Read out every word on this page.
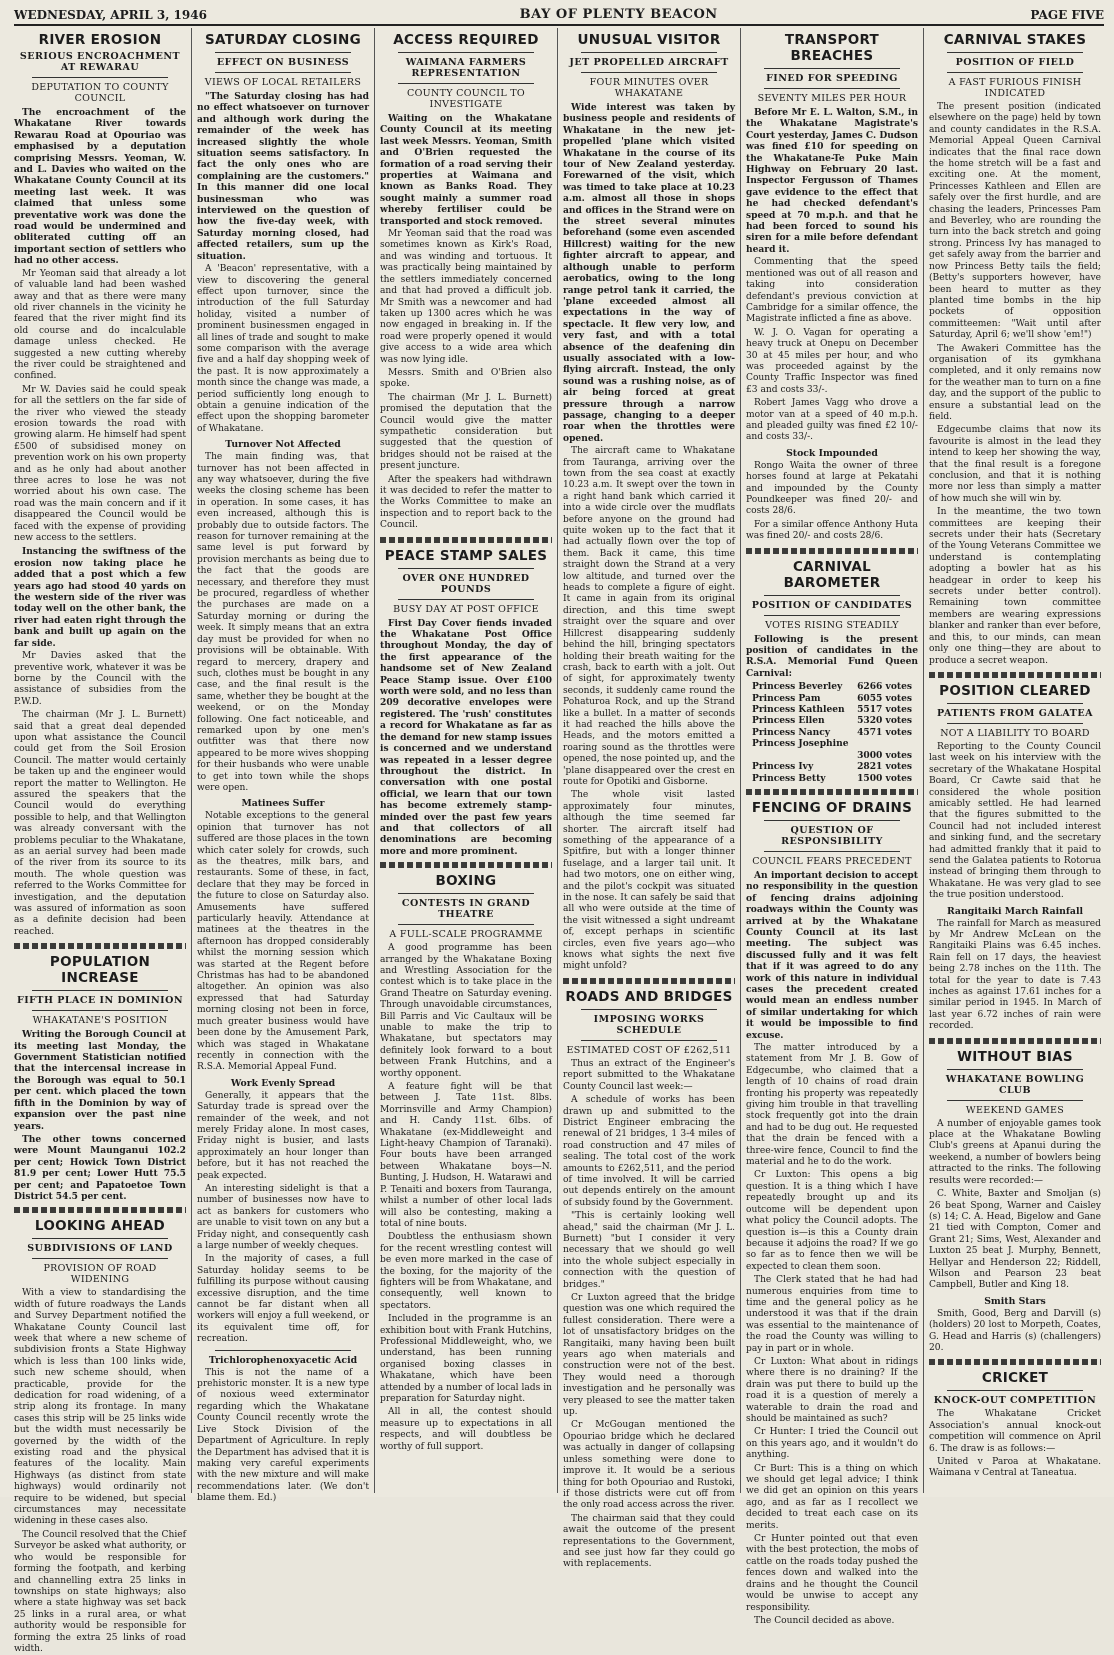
WEDNESDAY, APRIL 3, 1946	BAY OF PLENTY BEACON	PAGE FIVE
RIVER EROSION
SERIOUS ENCROACHMENT AT REWARAU
DEPUTATION TO COUNTY COUNCIL

The encroachment of the Whakatane River towards Rewarau Road at Opouriao was emphasised by a deputation comprising Messrs. Yeoman, W. and L. Davies who waited on the Whakatane County Council at its meeting last week. It was claimed that unless some preventative work was done the road would be undermined and obliterated cutting off an important section of settlers who had no other access.

Mr Yeoman said that already a lot of valuable land had been washed away and that as there were many old river channels in the vicinity he feared that the river might find its old course and do incalculable damage unless checked. He suggested a new cutting whereby the river could be straightened and confined.

Mr W. Davies said he could speak for all the settlers on the far side of the river who viewed the steady erosion towards the road with growing alarm. He himself had spent £500 of subsidised money on prevention work on his own property and as he only had about another three acres to lose he was not worried about his own case. The road was the main concern and if it disappeared the Council would be faced with the expense of providing new access to the settlers.

Instancing the swiftness of the erosion now taking place he added that a post which a few years ago had stood 40 yards on the western side of the river was today well on the other bank, the river had eaten right through the bank and built up again on the far side.

Mr Davies asked that the preventive work, whatever it was be borne by the Council with the assistance of subsidies from the P.W.D.

The chairman (Mr J. L. Burnett) said that a great deal depended upon what assistance the Council could get from the Soil Erosion Council. The matter would certainly be taken up and the engineer would report the matter to Wellington. He assured the speakers that the Council would do everything possible to help, and that Wellington was already conversant with the problems peculiar to the Whakatane, as an aerial survey had been made of the river from its source to its mouth. The whole question was referred to the Works Committee for investigation, and the deputation was assured of information as soon as a definite decision had been reached.

POPULATION INCREASE
FIFTH PLACE IN DOMINION
WHAKATANE'S POSITION

Writing the Borough Council at its meeting last Monday, the Government Statistician notified that the intercensal increase in the Borough was equal to 50.1 per cent. which placed the town fifth in the Dominion by way of expansion over the past nine years.

The other towns concerned were Mount Maunganui 102.2 per cent; Howick Town District 81.9 per cent; Lower Hutt 75.5 per cent; and Papatoetoe Town District 54.5 per cent.

LOOKING AHEAD
SUBDIVISIONS OF LAND
PROVISION OF ROAD WIDENING

With a view to standardising the width of future roadways the Lands and Survey Department notified the Whakatane County Council last week that where a new scheme of subdivision fronts a State Highway which is less than 100 links wide, such new scheme should, when practicable, provide for the dedication for road widening, of a strip along its frontage. In many cases this strip will be 25 links wide but the width must necessarily be governed by the width of the existing road and the physical features of the locality. Main Highways (as distinct from state highways) would ordinarily not require to be widened, but special circumstances may necessitate widening in these cases also.

The Council resolved that the Chief Surveyor be asked what authority, or who would be responsible for forming the footpath, and kerbing and channelling extra 25 links in townships on state highways; also where a state highway was set back 25 links in a rural area, or what authority would be responsible for forming the extra 25 links of road width.

SATURDAY CLOSING
EFFECT ON BUSINESS
VIEWS OF LOCAL RETAILERS

"The Saturday closing has had no effect whatsoever on turnover and although work during the remainder of the week has increased slightly the whole situation seems satisfactory. In fact the only ones who are complaining are the customers." In this manner did one local businessman who was interviewed on the question of how the five-day week, with Saturday morning closed, had affected retailers, sum up the situation.

A 'Beacon' representative, with a view to discovering the general effect upon turnover, since the introduction of the full Saturday holiday, visited a number of prominent businessmen engaged in all lines of trade and sought to make some comparison with the average five and a half day shopping week of the past. It is now approximately a month since the change was made, a period sufficiently long enough to obtain a genuine indication of the effect upon the shopping barometer of Whakatane.

Turnover Not Affected

The main finding was, that turnover has not been affected in any way whatsoever, during the five weeks the closing scheme has been in operation. In some cases, it has even increased, although this is probably due to outside factors. The reason for turnover remaining at the same level is put forward by provision merchants as being due to the fact that the goods are necessary, and therefore they must be procured, regardless of whether the purchases are made on a Saturday morning or during the week. It simply means that an extra day must be provided for when no provisions will be obtainable. With regard to mercery, drapery and such, clothes must be bought in any case, and the final result is the same, whether they be bought at the weekend, or on the Monday following. One fact noticeable, and remarked upon by one men's outfitter was that there now appeared to be more wives shopping for their husbands who were unable to get into town while the shops were open.

Matinees Suffer

Notable exceptions to the general opinion that turnover has not suffered are those places in the town which cater solely for crowds, such as the theatres, milk bars, and restaurants. Some of these, in fact, declare that they may be forced in the future to close on Saturday also. Amusements have suffered particularly heavily. Attendance at matinees at the theatres in the afternoon has dropped considerably whilst the morning session which was started at the Regent before Christmas has had to be abandoned altogether. An opinion was also expressed that had Saturday morning closing not been in force, much greater business would have been done by the Amusement Park, which was staged in Whakatane recently in connection with the R.S.A. Memorial Appeal Fund.

Work Evenly Spread

Generally, it appears that the Saturday trade is spread over the remainder of the week, and not merely Friday alone. In most cases, Friday night is busier, and lasts approximately an hour longer than before, but it has not reached the peak expected.

An interesting sidelight is that a number of businesses now have to act as bankers for customers who are unable to visit town on any but a Friday night, and consequently cash a large number of weekly cheques.

In the majority of cases, a full Saturday holiday seems to be fulfilling its purpose without causing excessive disruption, and the time cannot be far distant when all workers will enjoy a full weekend, or its equivalent time off, for recreation.

Trichlorophenoxyacetic Acid

This is not the name of a prehistoric monster. It is a new type of noxious weed exterminator regarding which the Whakatane County Council recently wrote the Live Stock Division of the Department of Agriculture. In reply the Department has advised that it is making very careful experiments with the new mixture and will make recommendations later. (We don't blame them. Ed.)

ACCESS REQUIRED
WAIMANA FARMERS REPRESENTATION
COUNTY COUNCIL TO INVESTIGATE

Waiting on the Whakatane County Council at its meeting last week Messrs. Yeoman, Smith and O'Brien requested the formation of a road serving their properties at Waimana and known as Banks Road. They sought mainly a summer road whereby fertiliser could be transported and stock removed.

Mr Yeoman said that the road was sometimes known as Kirk's Road, and was winding and tortuous. It was practically being maintained by the settlers immediately concerned and that had proved a difficult job. Mr Smith was a newcomer and had taken up 1300 acres which he was now engaged in breaking in. If the road were properly opened it would give access to a wide area which was now lying idle.

Messrs. Smith and O'Brien also spoke.

The chairman (Mr J. L. Burnett) promised the deputation that the Council would give the matter sympathetic consideration but suggested that the question of bridges should not be raised at the present juncture.

After the speakers had withdrawn it was decided to refer the matter to the Works Committee to make an inspection and to report back to the Council.

PEACE STAMP SALES
OVER ONE HUNDRED POUNDS
BUSY DAY AT POST OFFICE

First Day Cover fiends invaded the Whakatane Post Office throughout Monday, the day of the first appearance of the handsome set of New Zealand Peace Stamp issue. Over £100 worth were sold, and no less than 209 decorative envelopes were registered. The 'rush' constitutes a record for Whakatane as far as the demand for new stamp issues is concerned and we understand was repeated in a lesser degree throughout the district. In conversation with one postal official, we learn that our town has become extremely stamp-minded over the past few years and that collectors of all denominations are becoming more and more prominent.

BOXING
CONTESTS IN GRAND THEATRE
A FULL-SCALE PROGRAMME

A good programme has been arranged by the Whakatane Boxing and Wrestling Association for the contest which is to take place in the Grand Theatre on Saturday evening. Through unavoidable circumstances, Bill Parris and Vic Caultaux will be unable to make the trip to Whakatane, but spectators may definitely look forward to a bout between Frank Hutchins, and a worthy opponent.

A feature fight will be that between J. Tate 11st. 8lbs. Morrinsville and Army Champion) and H. Candy 11st. 6lbs. of Whakatane (ex-Middleweight and Light-heavy Champion of Taranaki). Four bouts have been arranged between Whakatane boys—N. Bunting, J. Hudson, H. Watarawi and P. Tenaiti and boxers from Tauranga, whilst a number of other local lads will also be contesting, making a total of nine bouts.

Doubtless the enthusiasm shown for the recent wrestling contest will be even more marked in the case of the boxing, for the majority of the fighters will be from Whakatane, and consequently, well known to spectators.

Included in the programme is an exhibition bout with Frank Hutchins, Professional Middleweight, who, we understand, has been running organised boxing classes in Whakatane, which have been attended by a number of local lads in preparation for Saturday night.

All in all, the contest should measure up to expectations in all respects, and will doubtless be worthy of full support.

UNUSUAL VISITOR
JET PROPELLED AIRCRAFT
FOUR MINUTES OVER WHAKATANE

Wide interest was taken by business people and residents of Whakatane in the new jet-propelled 'plane which visited Whakatane in the course of its tour of New Zealand yesterday. Forewarned of the visit, which was timed to take place at 10.23 a.m. almost all those in shops and offices in the Strand were on the street several minutes beforehand (some even ascended Hillcrest) waiting for the new fighter aircraft to appear, and although unable to perform aerobatics, owing to the long range petrol tank it carried, the 'plane exceeded almost all expectations in the way of spectacle. It flew very low, and very fast, and with a total absence of the deafening din usually associated with a low-flying aircraft. Instead, the only sound was a rushing noise, as of air being forced at great pressure through a narrow passage, changing to a deeper roar when the throttles were opened.

The aircraft came to Whakatane from Tauranga, arriving over the town from the sea coast at exactly 10.23 a.m. It swept over the town in a right hand bank which carried it into a wide circle over the mudflats before anyone on the ground had quite woken up to the fact that it had actually flown over the top of them. Back it came, this time straight down the Strand at a very low altitude, and turned over the heads to complete a figure of eight. It came in again from its original direction, and this time swept straight over the square and over Hillcrest disappearing suddenly behind the hill, bringing spectators holding their breath waiting for the crash, back to earth with a jolt. Out of sight, for approximately twenty seconds, it suddenly came round the Pohaturoa Rock, and up the Strand like a bullet. In a matter of seconds it had reached the hills above the Heads, and the motors emitted a roaring sound as the throttles were opened, the nose pointed up, and the 'plane disappeared over the crest en route for Opotiki and Gisborne.

The whole visit lasted approximately four minutes, although the time seemed far shorter. The aircraft itself had something of the appearance of a Spitfire, but with a longer thinner fuselage, and a larger tail unit. It had two motors, one on either wing, and the pilot's cockpit was situated in the nose. It can safely be said that all who were outside at the time of the visit witnessed a sight undreamt of, except perhaps in scientific circles, even five years ago—who knows what sights the next five might unfold?

ROADS AND BRIDGES
IMPOSING WORKS SCHEDULE
ESTIMATED COST OF £262,511

Thus an extract of the Engineer's report submitted to the Whakatane County Council last week:—

A schedule of works has been drawn up and submitted to the District Engineer embracing the renewal of 21 bridges, 1 3-4 miles of road construction and 47 miles of sealing. The total cost of the work amounts to £262,511, and the period of time involved. It will be carried out depends entirely on the amount of subsidy found by the Government.

"This is certainly looking well ahead," said the chairman (Mr J. L. Burnett) "but I consider it very necessary that we should go well into the whole subject especially in connection with the question of bridges."

Cr Luxton agreed that the bridge question was one which required the fullest consideration. There were a lot of unsatisfactory bridges on the Rangitaiki, many having been built years ago when materials and construction were not of the best. They would need a thorough investigation and he personally was very pleased to see the matter taken up.

Cr McGougan mentioned the Opouriao bridge which he declared was actually in danger of collapsing unless something were done to improve it. It would be a serious thing for both Opouriao and Rustoki, if those districts were cut off from the only road access across the river.

The chairman said that they could await the outcome of the present representations to the Government, and see just how far they could go with replacements.

TRANSPORT BREACHES
FINED FOR SPEEDING
SEVENTY MILES PER HOUR

Before Mr E. L. Walton, S.M., in the Whakatane Magistrate's Court yesterday, James C. Dudson was fined £10 for speeding on the Whakatane-Te Puke Main Highway on February 20 last. Inspector Fergusson of Thames gave evidence to the effect that he had checked defendant's speed at 70 m.p.h. and that he had been forced to sound his siren for a mile before defendant heard it.

Commenting that the speed mentioned was out of all reason and taking into consideration defendant's previous conviction at Cambridge for a similar offence, the Magistrate inflicted a fine as above.

W. J. O. Vagan for operating a heavy truck at Onepu on December 30 at 45 miles per hour, and who was proceeded against by the County Traffic Inspector was fined £3 and costs 33/-.

Robert James Vagg who drove a motor van at a speed of 40 m.p.h. and pleaded guilty was fined £2 10/- and costs 33/-.

Stock Impounded

Rongo Waita the owner of three horses found at large at Pekatahi and impounded by the County Poundkeeper was fined 20/- and costs 28/6.

For a similar offence Anthony Huta was fined 20/- and costs 28/6.

CARNIVAL BAROMETER
POSITION OF CANDIDATES
VOTES RISING STEADILY

Following is the present position of candidates in the R.S.A. Memorial Fund Queen Carnival:

Princess Beverley 6266 votes
Princess Pam	6055 votes
Princess Kathleen 5517 votes
Princess Ellen	5320 votes
Princess Nancy	4571 votes
Princess Josephine
3000 votes
Princess Ivy	2821 votes
Princess Betty	1500 votes
FENCING OF DRAINS
QUESTION OF RESPONSIBILITY
COUNCIL FEARS PRECEDENT

An important decision to accept no responsibility in the question of fencing drains adjoining roadways within the County was arrived at by the Whakatane County Council at its last meeting. The subject was discussed fully and it was felt that if it was agreed to do any work of this nature in individual cases the precedent created would mean an endless number of similar undertaking for which it would be impossible to find excuse.

The matter introduced by a statement from Mr J. B. Gow of Edgecumbe, who claimed that a length of 10 chains of road drain fronting his property was repeatedly giving him trouble in that travelling stock frequently got into the drain and had to be dug out. He requested that the drain be fenced with a three-wire fence, Council to find the material and he to do the work.

Cr Luxton: This opens a big question. It is a thing which I have repeatedly brought up and its outcome will be dependent upon what policy the Council adopts. The question is—is this a County drain because it adjoins the road? If we go so far as to fence then we will be expected to clean them soon.

The Clerk stated that he had had numerous enquiries from time to time and the general policy as he understood it was that if the drain was essential to the maintenance of the road the County was willing to pay in part or in whole.

Cr Luxton: What about in ridings where there is no draining? If the drain was put there to build up the road it is a question of merely a waterable to drain the road and should be maintained as such?

Cr Hunter: I tried the Council out on this years ago, and it wouldn't do anything.

Cr Burt: This is a thing on which we should get legal advice; I think we did get an opinion on this years ago, and as far as I recollect we decided to treat each case on its merits.

Cr Hunter pointed out that even with the best protection, the mobs of cattle on the roads today pushed the fences down and walked into the drains and he thought the Council would be unwise to accept any responsibility.

The Council decided as above.

CARNIVAL STAKES
POSITION OF FIELD
A FAST FURIOUS FINISH INDICATED

The present position (indicated elsewhere on the page) held by town and county candidates in the R.S.A. Memorial Appeal Queen Carnival indicates that the final race down the home stretch will be a fast and exciting one. At the moment, Princesses Kathleen and Ellen are safely over the first hurdle, and are chasing the leaders, Princesses Pam and Beverley, who are rounding the turn into the back stretch and going strong. Princess Ivy has managed to get safely away from the barrier and now Princess Betty tails the field; (Betty's supporters however, have been heard to mutter as they planted time bombs in the hip pockets of opposition committeemen: "Wait until after Saturday, April 6; we'll show 'em!")

The Awakeri Committee has the organisation of its gymkhana completed, and it only remains now for the weather man to turn on a fine day, and the support of the public to ensure a substantial lead on the field.

Edgecumbe claims that now its favourite is almost in the lead they intend to keep her showing the way, that the final result is a foregone conclusion, and that it is nothing more nor less than simply a matter of how much she will win by.

In the meantime, the two town committees are keeping their secrets under their hats (Secretary of the Young Veterans Committee we understand is contemplating adopting a bowler hat as his headgear in order to keep his secrets under better control). Remaining town committee members are wearing expressions blanker and ranker than ever before, and this, to our minds, can mean only one thing—they are about to produce a secret weapon.

POSITION CLEARED
PATIENTS FROM GALATEA
NOT A LIABILITY TO BOARD

Reporting to the County Council last week on his interview with the secretary of the Whakatane Hospital Board, Cr Cawte said that he considered the whole position amicably settled. He had learned that the figures submitted to the Council had not included interest and sinking fund, and the secretary had admitted frankly that it paid to send the Galatea patients to Rotorua instead of bringing them through to Whakatane. He was very glad to see the true position understood.

Rangitaiki March Rainfall

The rainfall for March as measured by Mr Andrew McLean on the Rangitaiki Plains was 6.45 inches. Rain fell on 17 days, the heaviest being 2.78 inches on the 11th. The total for the year to date is 7.43 inches as against 17.61 inches for a similar period in 1945. In March of last year 6.72 inches of rain were recorded.

WITHOUT BIAS
WHAKATANE BOWLING CLUB
WEEKEND GAMES

A number of enjoyable games took place at the Whakatane Bowling Club's greens at Apanui during the weekend, a number of bowlers being attracted to the rinks. The following results were recorded:—

C. White, Baxter and Smoljan (s) 26 beat Spong, Warner and Caisley (s) 14; C. A. Head, Bigelow and Gane 21 tied with Compton, Comer and Grant 21; Sims, West, Alexander and Luxton 25 beat J. Murphy, Bennett, Hellyar and Henderson 22; Riddell, Wilson and Pearson 23 beat Campbell, Butler and King 18.

Smith Stars

Smith, Good, Berg and Darvill (s) (holders) 20 lost to Morpeth, Coates, G. Head and Harris (s) (challengers) 20.

CRICKET
KNOCK-OUT COMPETITION

The Whakatane Cricket Association's annual knock-out competition will commence on April 6. The draw is as follows:—

United v Paroa at Whakatane. Waimana v Central at Taneatua.
